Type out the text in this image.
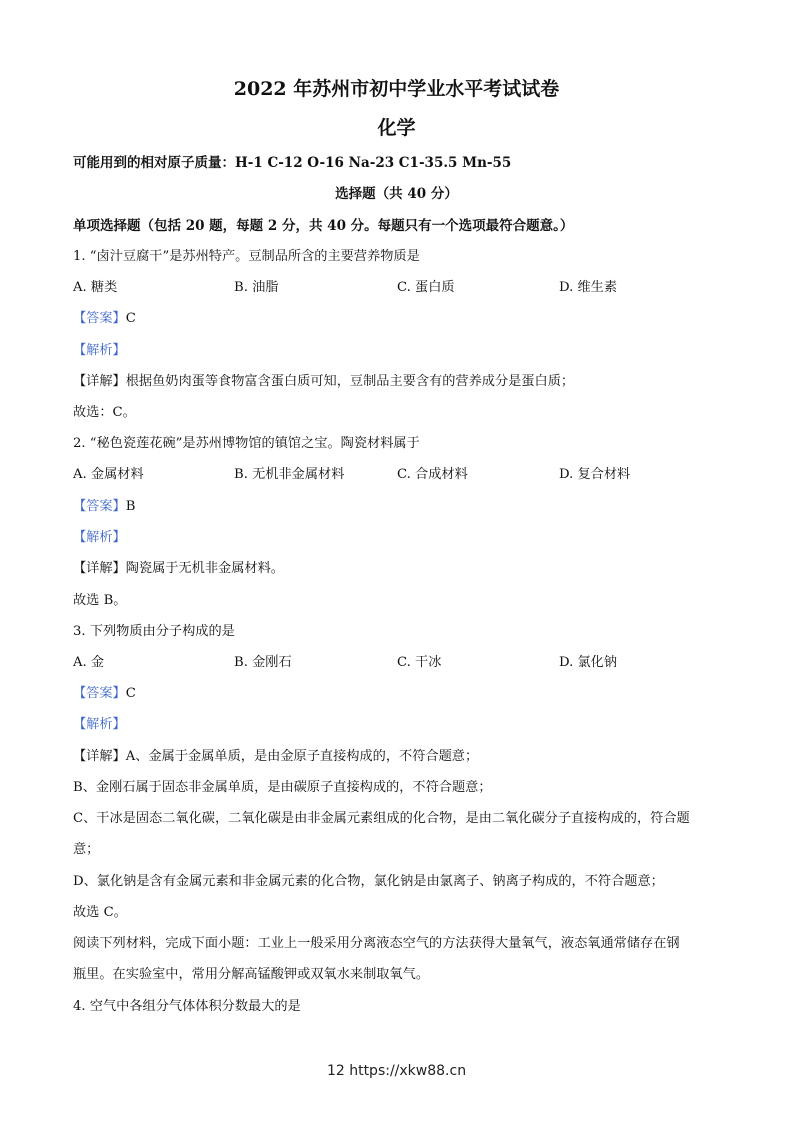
2022 年苏州市初中学业水平考试试卷
化学
可能用到的相对原子质量：H-1 C-12 O-16 Na-23 C1-35.5 Mn-55
选择题（共 40 分）
单项选择题（包括 20 题，每题 2 分，共 40 分。每题只有一个选项最符合题意。）
1. “卤汁豆腐干”是苏州特产。豆制品所含的主要营养物质是
A. 糖类	B. 油脂	C. 蛋白质	D. 维生素
【答案】C
【解析】
【详解】根据鱼奶肉蛋等食物富含蛋白质可知，豆制品主要含有的营养成分是蛋白质；
故选：C。
2. “秘色瓷莲花碗”是苏州博物馆的镇馆之宝。陶瓷材料属于
A. 金属材料	B. 无机非金属材料	C. 合成材料	D. 复合材料
【答案】B
【解析】
【详解】陶瓷属于无机非金属材料。
故选 B。
3. 下列物质由分子构成的是
A. 金	B. 金刚石	C. 干冰	D. 氯化钠
【答案】C
【解析】
【详解】A、金属于金属单质，是由金原子直接构成的，不符合题意；
B、金刚石属于固态非金属单质，是由碳原子直接构成的，不符合题意；
C、干冰是固态二氧化碳，二氧化碳是由非金属元素组成的化合物，是由二氧化碳分子直接构成的，符合题
意；
D、氯化钠是含有金属元素和非金属元素的化合物，氯化钠是由氯离子、钠离子构成的，不符合题意；
故选 C。
阅读下列材料，完成下面小题：工业上一般采用分离液态空气的方法获得大量氧气，液态氧通常储存在钢
瓶里。在实验室中，常用分解高锰酸钾或双氧水来制取氧气。
4. 空气中各组分气体体积分数最大的是
12 https://xkw88.cn
